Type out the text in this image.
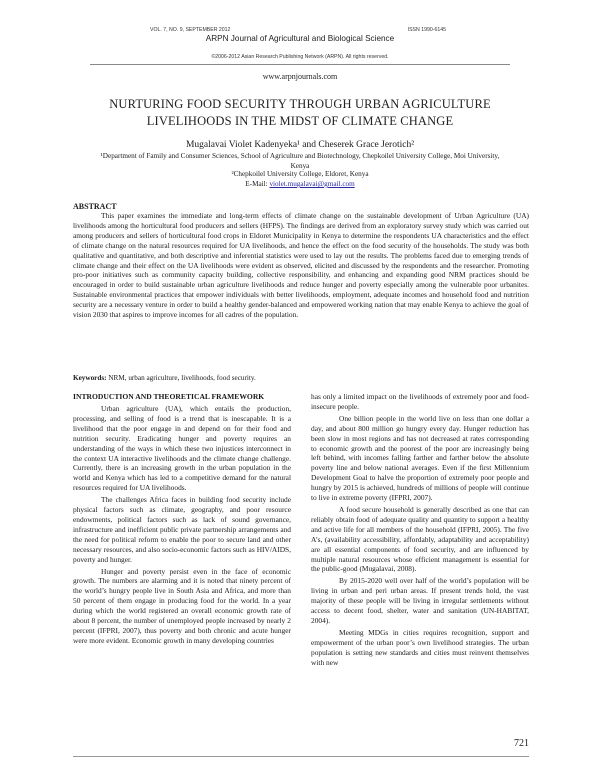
VOL. 7, NO. 9, SEPTEMBER 2012	ISSN 1990-6145
ARPN Journal of Agricultural and Biological Science
©2006-2012 Asian Research Publishing Network (ARPN). All rights reserved.
www.arpnjournals.com
NURTURING FOOD SECURITY THROUGH URBAN AGRICULTURE LIVELIHOODS IN THE MIDST OF CLIMATE CHANGE
Mugalavai Violet Kadenyeka¹ and Cheserek Grace Jerotich²
¹Department of Family and Consumer Sciences, School of Agriculture and Biotechnology, Chepkoilel University College, Moi University, Kenya
²Chepkoilel University College, Eldoret, Kenya
E-Mail: violet.mugalavai@gmail.com
ABSTRACT
This paper examines the immediate and long-term effects of climate change on the sustainable development of Urban Agriculture (UA) livelihoods among the horticultural food producers and sellers (HFPS). The findings are derived from an exploratory survey study which was carried out among producers and sellers of horticultural food crops in Eldoret Municipality in Kenya to determine the respondents UA characteristics and the effect of climate change on the natural resources required for UA livelihoods, and hence the effect on the food security of the households. The study was both qualitative and quantitative, and both descriptive and inferential statistics were used to lay out the results. The problems faced due to emerging trends of climate change and their effect on the UA livelihoods were evident as observed, elicited and discussed by the respondents and the researcher. Promoting pro-poor initiatives such as community capacity building, collective responsibility, and enhancing and expanding good NRM practices should be encouraged in order to build sustainable urban agriculture livelihoods and reduce hunger and poverty especially among the vulnerable poor urbanites. Sustainable environmental practices that empower individuals with better livelihoods, employment, adequate incomes and household food and nutrition security are a necessary venture in order to build a healthy gender-balanced and empowered working nation that may enable Kenya to achieve the goal of vision 2030 that aspires to improve incomes for all cadres of the population.
Keywords: NRM, urban agriculture, livelihoods, food security.
INTRODUCTION AND THEORETICAL FRAMEWORK

Urban agriculture (UA), which entails the production, processing, and selling of food is a trend that is inescapable. It is a livelihood that the poor engage in and depend on for their food and nutrition security. Eradicating hunger and poverty requires an understanding of the ways in which these two injustices interconnect in the context UA interactive livelihoods and the climate change challenge. Currently, there is an increasing growth in the urban population in the world and Kenya which has led to a competitive demand for the natural resources required for UA livelihoods.

The challenges Africa faces in building food security include physical factors such as climate, geography, and poor resource endowments, political factors such as lack of sound governance, infrastructure and inefficient public private partnership arrangements and the need for political reform to enable the poor to secure land and other necessary resources, and also socio-economic factors such as HIV/AIDS, poverty and hunger.

Hunger and poverty persist even in the face of economic growth. The numbers are alarming and it is noted that ninety percent of the world’s hungry people live in South Asia and Africa, and more than 50 percent of them engage in producing food for the world. In a year during which the world registered an overall economic growth rate of about 8 percent, the number of unemployed people increased by nearly 2 percent (IFPRI, 2007), thus poverty and both chronic and acute hunger were more evident. Economic growth in many developing countries

has only a limited impact on the livelihoods of extremely poor and food-insecure people.

One billion people in the world live on less than one dollar a day, and about 800 million go hungry every day. Hunger reduction has been slow in most regions and has not decreased at rates corresponding to economic growth and the poorest of the poor are increasingly being left behind, with incomes falling farther and farther below the absolute poverty line and below national averages. Even if the first Millennium Development Goal to halve the proportion of extremely poor people and hungry by 2015 is achieved, hundreds of millions of people will continue to live in extreme poverty (IFPRI, 2007).

A food secure household is generally described as one that can reliably obtain food of adequate quality and quantity to support a healthy and active life for all members of the household (IFPRI, 2005). The five A’s, (availability accessibility, affordably, adaptability and acceptability) are all essential components of food security, and are influenced by multiple natural resources whose efficient management is essential for the public-good (Mugalavai, 2008).

By 2015-2020 well over half of the world’s population will be living in urban and peri urban areas. If present trends hold, the vast majority of these people will be living in irregular settlements without access to decent food, shelter, water and sanitation (UN-HABITAT, 2004).

Meeting MDGs in cities requires recognition, support and empowerment of the urban poor’s own livelihood strategies. The urban population is setting new standards and cities must reinvent themselves with new

721
